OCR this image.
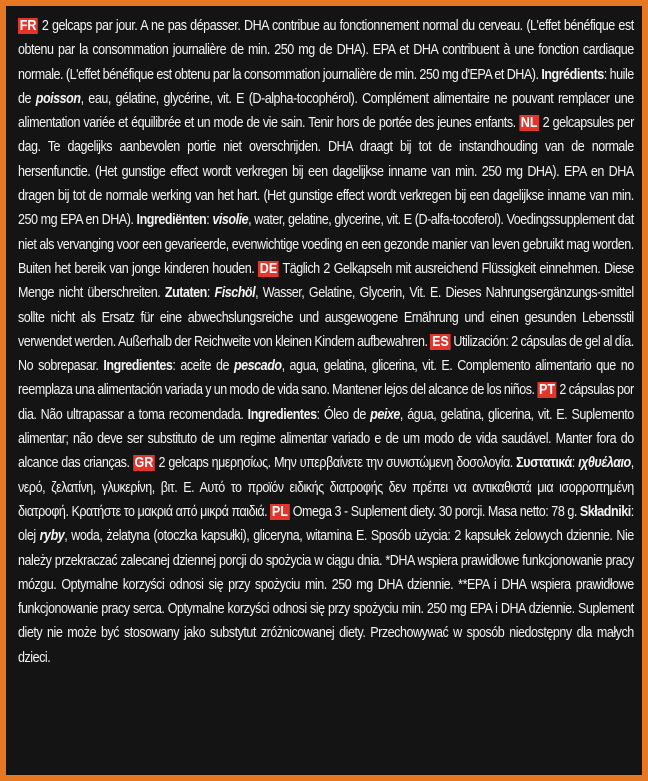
FR 2 gelcaps par jour. A ne pas dépasser. DHA contribue au fonctionnement normal du cerveau. (L'effet bénéfique est obtenu par la consommation journalière de min. 250 mg de DHA). EPA et DHA contribuent à une fonction cardiaque normale. (L'effet bénéfique est obtenu par la consommation journalière de min. 250 mg d'EPA et DHA). Ingrédients: huile de poisson, eau, gélatine, glycérine, vit. E (D-alpha-tocophérol). Complément alimentaire ne pouvant remplacer une alimentation variée et équilibrée et un mode de vie sain. Tenir hors de portée des jeunes enfants. NL 2 gelcapsules per dag. Te dagelijks aanbevolen portie niet overschrijden. DHA draagt bij tot de instandhouding van de normale hersenfunctie. (Het gunstige effect wordt verkregen bij een dagelijkse inname van min. 250 mg DHA). EPA en DHA dragen bij tot de normale werking van het hart. (Het gunstige effect wordt verkregen bij een dagelijkse inname van min. 250 mg EPA en DHA). Ingrediënten: visolie, water, gelatine, glycerine, vit. E (D-alfa-tocoferol). Voedingssupplement dat niet als vervanging voor een gevarieerde, evenwichtige voeding en een gezonde manier van leven gebruikt mag worden. Buiten het bereik van jonge kinderen houden. DE Täglich 2 Gelkapseln mit ausreichend Flüssigkeit einnehmen. Diese Menge nicht überschreiten. Zutaten: Fischöl, Wasser, Gelatine, Glycerin, Vit. E. Dieses Nahrungsergänzungs-smittel sollte nicht als Ersatz für eine abwechslungsreiche und ausgewogene Ernährung und einen gesunden Lebensstil verwendet werden. Außerhalb der Reichweite von kleinen Kindern aufbewahren. ES Utilización: 2 cápsulas de gel al día. No sobrepasar. Ingredientes: aceite de pescado, agua, gelatina, glicerina, vit. E. Complemento alimentario que no reemplaza una alimentación variada y un modo de vida sano. Mantener lejos del alcance de los niños. PT 2 cápsulas por dia. Não ultrapassar a toma recomendada. Ingredientes: Óleo de peixe, água, gelatina, glicerina, vit. E. Suplemento alimentar; não deve ser substituto de um regime alimentar variado e de um modo de vida saudável. Manter fora do alcance das crianças. GR 2 gelcaps ημερησίως. Μην υπερβαίνετε την συνιστώμενη δοσολογία. Συστατικά: ιχθυέλαιο, νερό, ζελατίνη, γλυκερίνη, βιτ. Ε. Αυτό το προϊόν ειδικής διατροφής δεν πρέπει να αντικαθιστά μια ισορροπημένη διατροφή. Κρατήστε το μακριά από μικρά παιδιά. PL Omega 3 - Suplement diety. 30 porcji. Masa netto: 78 g. Składniki: olej ryby, woda, żelatyna (otoczka kapsułki), gliceryna, witamina E. Sposób użycia: 2 kapsułek żelowych dziennie. Nie należy przekraczać zalecanej dziennej porcji do spożycia w ciągu dnia. *DHA wspiera prawidłowe funkcjonowanie pracy mózgu. Optymalne korzyści odnosi się przy spożyciu min. 250 mg DHA dziennie. **EPA i DHA wspiera prawidłowe funkcjonowanie pracy serca. Optymalne korzyści odnosi się przy spożyciu min. 250 mg EPA i DHA dziennie. Suplement diety nie może być stosowany jako substytut zróżnicowanej diety. Przechowywać w sposób niedostępny dla małych dzieci.
